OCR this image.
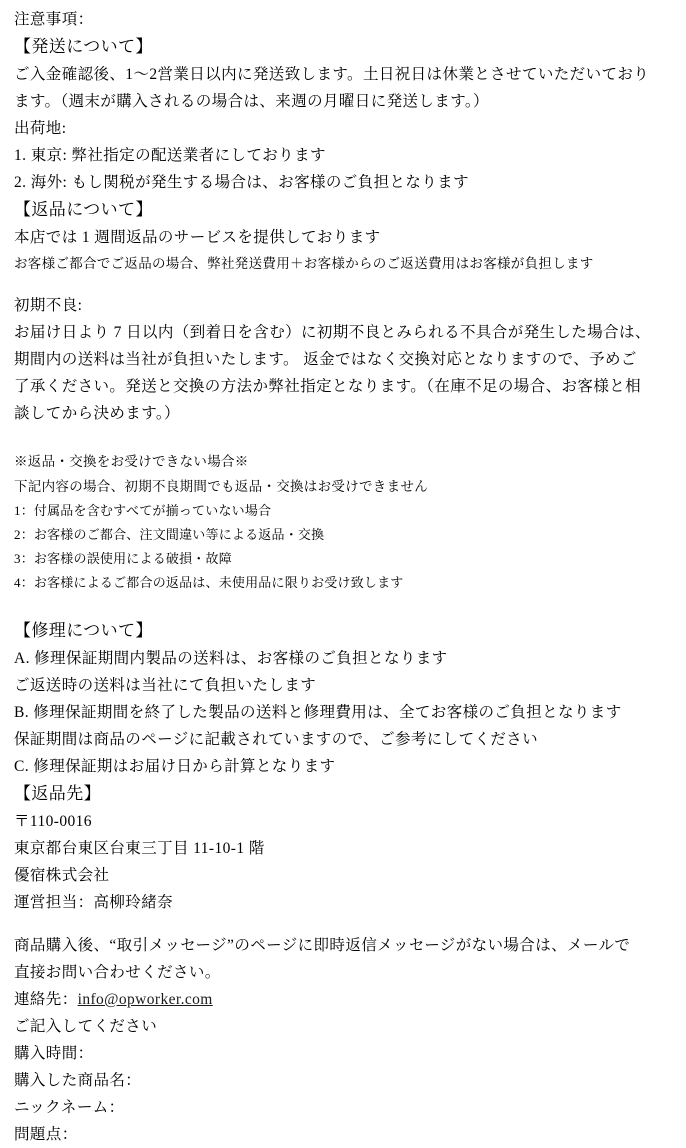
注意事項：
【発送について】
ご入金確認後、1〜2営業日以内に発送致します。土日祝日は休業とさせていただいており
ます。（週末が購入されるの場合は、来週の月曜日に発送します。）
出荷地:
1. 東京: 弊社指定の配送業者にしております
2. 海外: もし関税が発生する場合は、お客様のご負担となります
【返品について】
本店では 1 週間返品のサービスを提供しております
お客様ご都合でご返品の場合、弊社発送費用＋お客様からのご返送費用はお客様が負担します
初期不良:
お届け日より 7 日以内（到着日を含む）に初期不良とみられる不具合が発生した場合は、
期間内の送料は当社が負担いたします。 返金ではなく交換対応となりますので、予めご
了承ください。発送と交換の方法か弊社指定となります。（在庫不足の場合、お客様と相
談してから決めます。）
※返品・交換をお受けできない場合※
下記内容の場合、初期不良期間でも返品・交換はお受けできません
1：付属品を含むすべてが揃っていない場合
2：お客様のご都合、注文間違い等による返品・交換
3：お客様の誤使用による破損・故障
4：お客様によるご都合の返品は、未使用品に限りお受け致します
【修理について】
A. 修理保証期間内製品の送料は、お客様のご負担となります
ご返送時の送料は当社にて負担いたします
B. 修理保証期間を終了した製品の送料と修理費用は、全てお客様のご負担となります
保証期間は商品のページに記載されていますので、ご参考にしてください
C. 修理保証期はお届け日から計算となります
【返品先】
〒110-0016
東京都台東区台東三丁目 11-10-1 階
優宿株式会社
運営担当：高柳玲緒奈
商品購入後、“取引メッセージ”のページに即時返信メッセージがない場合は、メールで
直接お問い合わせください。
連絡先：info@opworker.com
ご記入してください
購入時間：
購入した商品名：
ニックネーム：
問題点：
